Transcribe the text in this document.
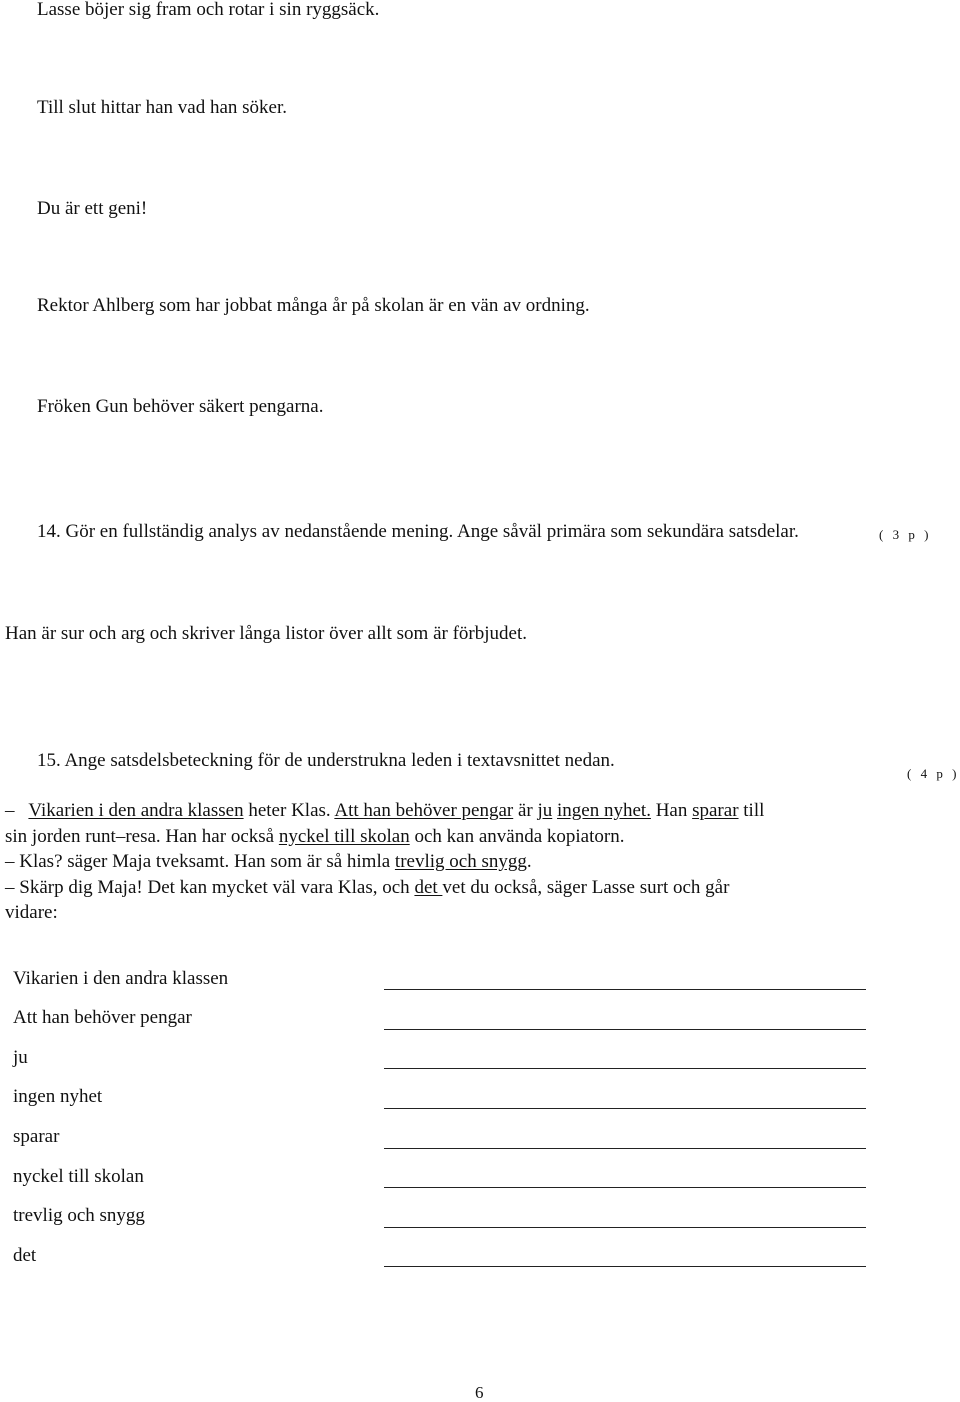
Lasse böjer sig fram och rotar i sin ryggsäck.
Till slut hittar han vad han söker.
Du är ett geni!
Rektor Ahlberg som har jobbat många år på skolan är en vän av ordning.
Fröken Gun behöver säkert pengarna.
14. Gör en fullständig analys av nedanstående mening. Ange såväl primära som sekundära satsdelar.	( 3 p )
Han är sur och arg och skriver långa listor över allt som är förbjudet.
15. Ange satsdelsbeteckning för de understrukna leden i textavsnittet nedan.
( 4 p )
– Vikarien i den andra klassen heter Klas. Att han behöver pengar är ju ingen nyhet. Han sparar till
sin jorden runt–resa. Han har också nyckel till skolan och kan använda kopiatorn.
– Klas? säger Maja tveksamt. Han som är så himla trevlig och snygg.
– Skärp dig Maja! Det kan mycket väl vara Klas, och det vet du också, säger Lasse surt och går
vidare:
Vikarien i den andra klassen
Att han behöver pengar
ju
ingen nyhet
sparar
nyckel till skolan
trevlig och snygg
det
6
